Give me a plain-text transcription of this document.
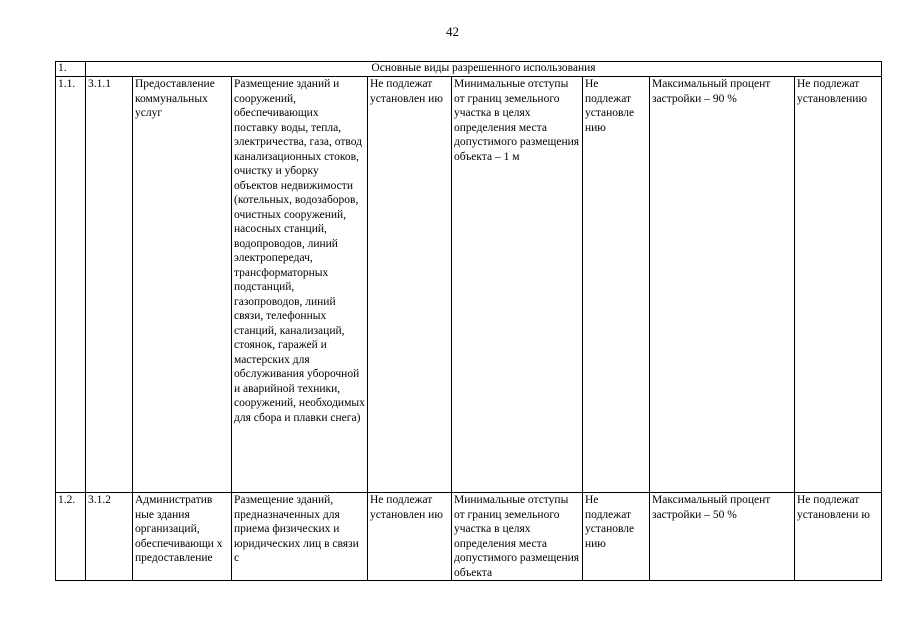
42
1.	Основные виды разрешенного использования							

1.1.	3.1.1	Предоставление коммунальных услуг	Размещение зданий и сооружений, обеспечивающих поставку воды, тепла, электричества, газа, отвод канализационных стоков, очистку и уборку объектов недвижимости (котельных, водозаборов, очистных сооружений, насосных станций, водопроводов, линий электропередач, трансформаторных подстанций, газопроводов, линий связи, телефонных станций, канализаций, стоянок, гаражей и мастерских для обслуживания уборочной и аварийной техники, сооружений, необходимых для сбора и плавки снега)	Не подлежат установлен ию	Минимальные отступы от границ земельного участка в целях определения места допустимого размещения объекта – 1 м	Не подлежат установле нию	Максимальный процент застройки – 90 %	Не подлежат установлению

1.2.	3.1.2	Административ ные здания организаций, обеспечивающи х предоставление	Размещение зданий, предназначенных для приема физических и юридических лиц в связи с	Не подлежат установлен ию	Минимальные отступы от границ земельного участка в целях определения места допустимого размещения объекта	Не подлежат установле нию	Максимальный процент застройки – 50 %	Не подлежат установлени ю
